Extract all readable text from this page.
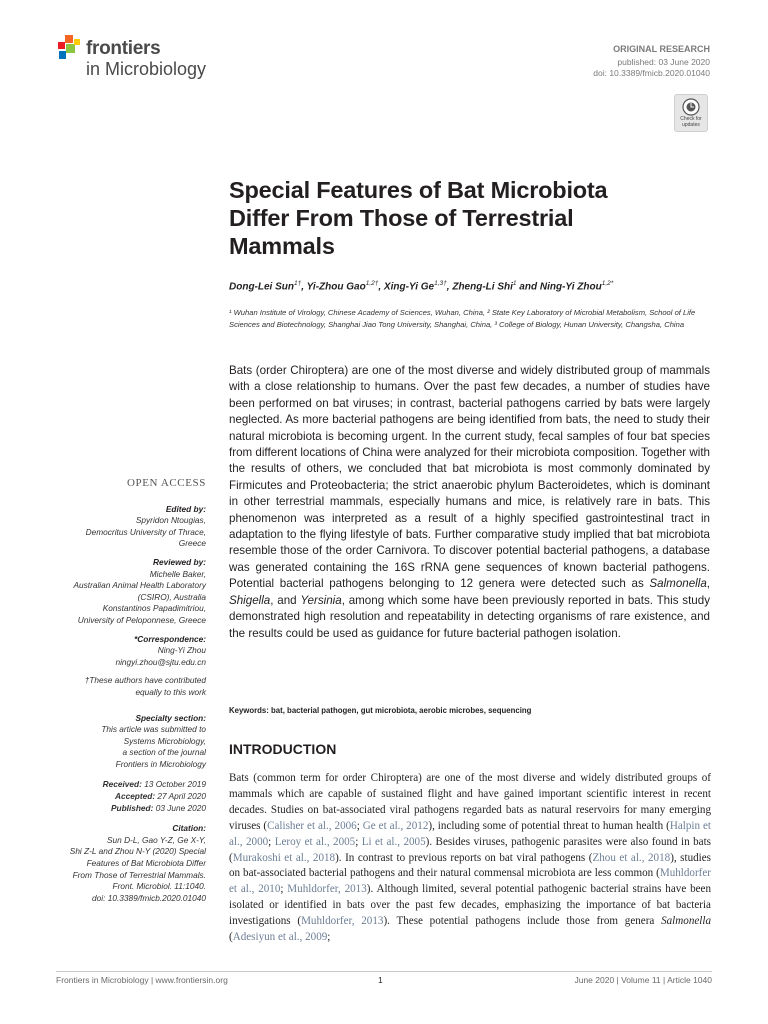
frontiers
in Microbiology
ORIGINAL RESEARCH
published: 03 June 2020
doi: 10.3389/fmicb.2020.01040
Check for updates
Special Features of Bat Microbiota
Differ From Those of Terrestrial
Mammals
Dong-Lei Sun$^{1\dagger}$, Yi-Zhou Gao$^{1,2\dagger}$, Xing-Yi $Ge^{1,3\dagger}$, Zheng-Li Shi$^1$ and Ning-Yi Zhou$^{1,2*}$
¹ Wuhan Institute of Virology, Chinese Academy of Sciences, Wuhan, China, ² State Key Laboratory of Microbial Metabolism, School of Life Sciences and Biotechnology, Shanghai Jiao Tong University, Shanghai, China, ³ College of Biology, Hunan University, Changsha, China
Bats (order Chiroptera) are one of the most diverse and widely distributed group of mammals with a close relationship to humans. Over the past few decades, a number of studies have been performed on bat viruses; in contrast, bacterial pathogens carried by bats were largely neglected. As more bacterial pathogens are being identified from bats, the need to study their natural microbiota is becoming urgent. In the current study, fecal samples of four bat species from different locations of China were analyzed for their microbiota composition. Together with the results of others, we concluded that bat microbiota is most commonly dominated by Firmicutes and Proteobacteria; the strict anaerobic phylum Bacteroidetes, which is dominant in other terrestrial mammals, especially humans and mice, is relatively rare in bats. This phenomenon was interpreted as a result of a highly specified gastrointestinal tract in adaptation to the flying lifestyle of bats. Further comparative study implied that bat microbiota resemble those of the order Carnivora. To discover potential bacterial pathogens, a database was generated containing the 16S rRNA gene sequences of known bacterial pathogens. Potential bacterial pathogens belonging to 12 genera were detected such as Salmonella, Shigella, and Yersinia, among which some have been previously reported in bats. This study demonstrated high resolution and repeatability in detecting organisms of rare existence, and the results could be used as guidance for future bacterial pathogen isolation.
Keywords: bat, bacterial pathogen, gut microbiota, aerobic microbes, sequencing
INTRODUCTION
Bats (common term for order Chiroptera) are one of the most diverse and widely distributed groups of mammals which are capable of sustained flight and have gained important scientific interest in recent decades. Studies on bat-associated viral pathogens regarded bats as natural reservoirs for many emerging viruses (Calisher et al., 2006; Ge et al., 2012), including some of potential threat to human health (Halpin et al., 2000; Leroy et al., 2005; Li et al., 2005). Besides viruses, pathogenic parasites were also found in bats (Murakoshi et al., 2018). In contrast to previous reports on bat viral pathogens (Zhou et al., 2018), studies on bat-associated bacterial pathogens and their natural commensal microbiota are less common (Muhldorfer et al., 2010; Muhldorfer, 2013). Although limited, several potential pathogenic bacterial strains have been isolated or identified in bats over the past few decades, emphasizing the importance of bat bacteria investigations (Muhldorfer, 2013). These potential pathogens include those from genera Salmonella (Adesiyun et al., 2009;
OPEN ACCESS
Edited by:
Spyridon Ntougias,
Democritus University of Thrace,
Greece
Reviewed by:
Michelle Baker,
Australian Animal Health Laboratory
(CSIRO), Australia
Konstantinos Papadimitriou,
University of Peloponnese, Greece
*Correspondence:
Ning-Yi Zhou
ningyi.zhou@sjtu.edu.cn
†These authors have contributed
equally to this work
Specialty section:
This article was submitted to
Systems Microbiology,
a section of the journal
Frontiers in Microbiology
Received: 13 October 2019
Accepted: 27 April 2020
Published: 03 June 2020
Citation:
Sun D-L, Gao Y-Z, Ge X-Y,
Shi Z-L and Zhou N-Y (2020) Special
Features of Bat Microbiota Differ
From Those of Terrestrial Mammals.
Front. Microbiol. 11:1040.
doi: 10.3389/fmicb.2020.01040
Frontiers in Microbiology | www.frontiersin.org	1	June 2020 | Volume 11 | Article 1040
